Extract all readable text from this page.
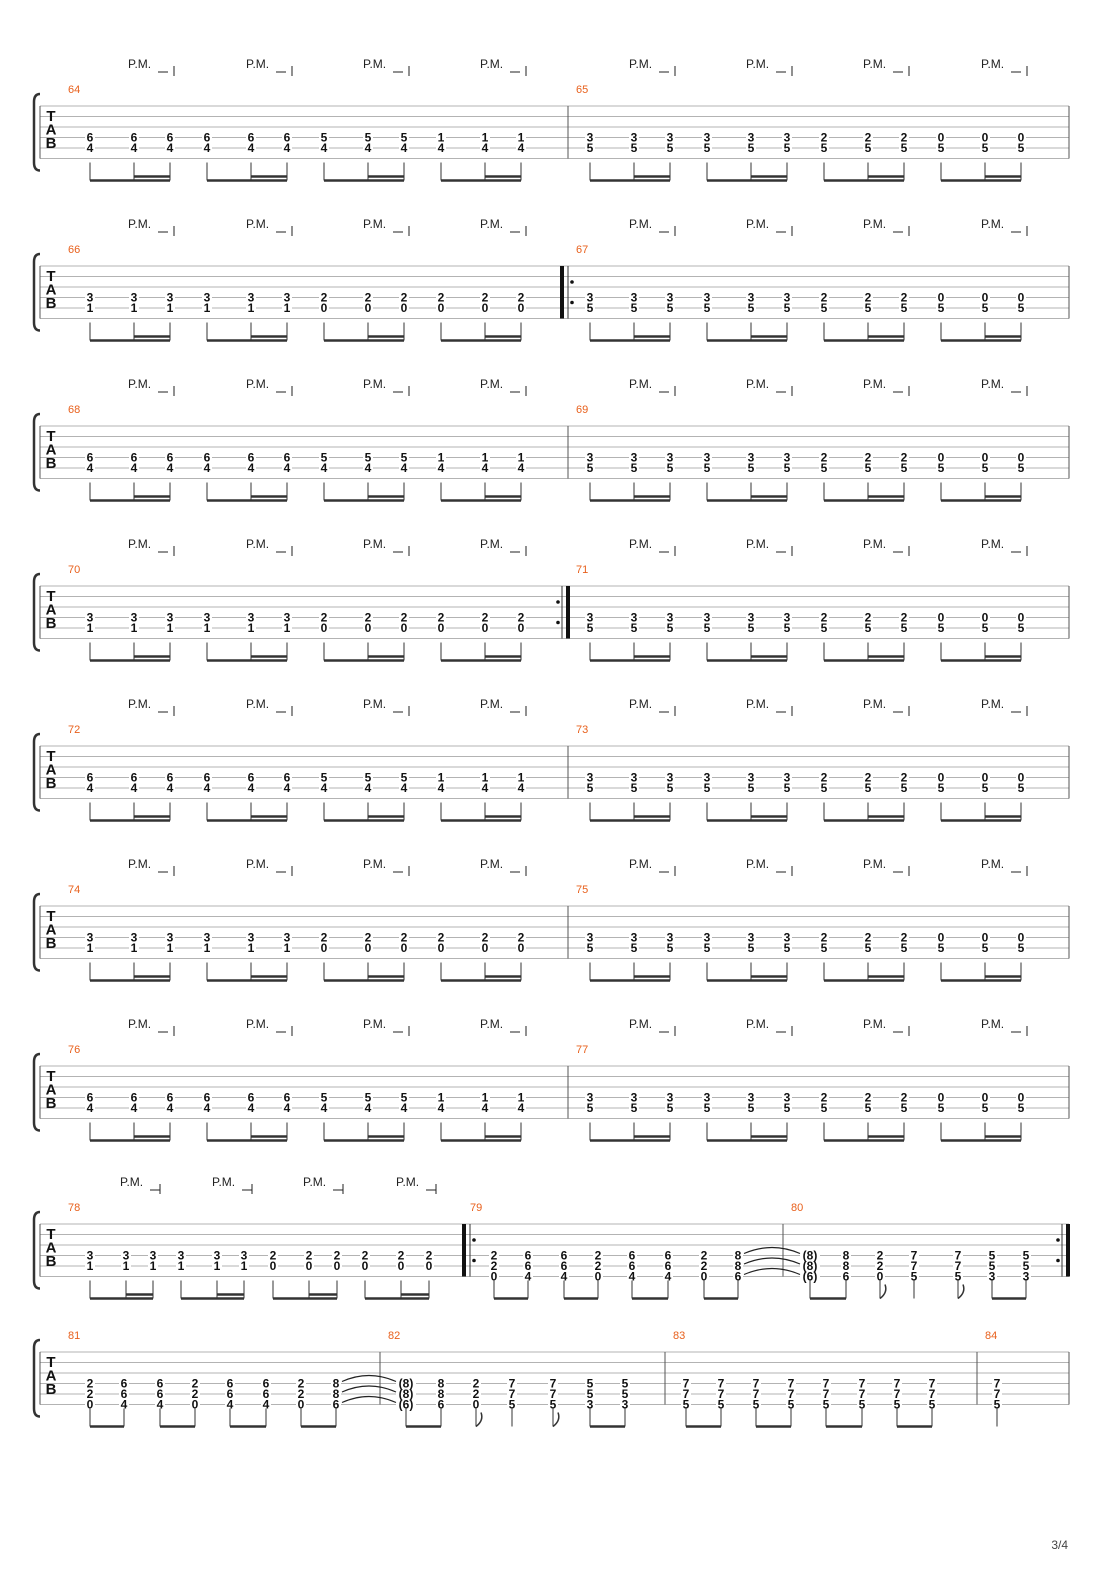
T
A
B
P.M.	P.M.	P.M.	P.M.	P.M.	P.M.	P.M.	P.M.
64
6
4
6
4
6
4
6
4
6
4
6
4
5
4
5
4
5
4
1
4
1
4
1
4
65
3
5
3
5
3
5
3
5
3
5
3
5
2
5
2
5
2
5
0
5
0
5
0
5
T
A
B
P.M.	P.M.	P.M.	P.M.	P.M.	P.M.	P.M.	P.M.
66
3
1
3
1
3
1
3
1
3
1
3
1
2
0
2
0
2
0
2
0
2
0
2
0
67
3
5
3
5
3
5
3
5
3
5
3
5
2
5
2
5
2
5
0
5
0
5
0
5
T
A
B
P.M.	P.M.	P.M.	P.M.	P.M.	P.M.	P.M.	P.M.
68
6
4
6
4
6
4
6
4
6
4
6
4
5
4
5
4
5
4
1
4
1
4
1
4
69
3
5
3
5
3
5
3
5
3
5
3
5
2
5
2
5
2
5
0
5
0
5
0
5
T
A
B
P.M.	P.M.	P.M.	P.M.	P.M.	P.M.	P.M.	P.M.
70
3
1
3
1
3
1
3
1
3
1
3
1
2
0
2
0
2
0
2
0
2
0
2
0
71
3
5
3
5
3
5
3
5
3
5
3
5
2
5
2
5
2
5
0
5
0
5
0
5
T
A
B
P.M.	P.M.	P.M.	P.M.	P.M.	P.M.	P.M.	P.M.
72
6
4
6
4
6
4
6
4
6
4
6
4
5
4
5
4
5
4
1
4
1
4
1
4
73
3
5
3
5
3
5
3
5
3
5
3
5
2
5
2
5
2
5
0
5
0
5
0
5
T
A
B
P.M.	P.M.	P.M.	P.M.	P.M.	P.M.	P.M.	P.M.
74
3
1
3
1
3
1
3
1
3
1
3
1
2
0
2
0
2
0
2
0
2
0
2
0
75
3
5
3
5
3
5
3
5
3
5
3
5
2
5
2
5
2
5
0
5
0
5
0
5
T
A
B
P.M.	P.M.	P.M.	P.M.	P.M.	P.M.	P.M.	P.M.
76
6
4
6
4
6
4
6
4
6
4
6
4
5
4
5
4
5
4
1
4
1
4
1
4
77
3
5
3
5
3
5
3
5
3
5
3
5
2
5
2
5
2
5
0
5
0
5
0
5
T
A
B
P.M.	P.M.	P.M.	P.M.
78
3
1
3
1
3
1
3
1
3
1
3
1
2
0
2
0
2
0
2
0
2
0
2
0
79
2
2
0
6
6
4
6
6
4
2
2
0
6
6
4
6
6
4
2
2
0
8
8
6
80
(8)
(8)
(6)
8
8
6
2
2
0
7
7
5
7
7
5
5
5
3
5
5
3
T
A
B
81
2
2
0
6
6
4
6
6
4
2
2
0
6
6
4
6
6
4
2
2
0
8
8
6
82
(8)
(8)
(6)
8
8
6
2
2
0
7
7
5
7
7
5
5
5
3
5
5
3
83
7
7
5
7
7
5
7
7
5
7
7
5
7
7
5
7
7
5
7
7
5
7
7
5
84
7
7
5
3/4
